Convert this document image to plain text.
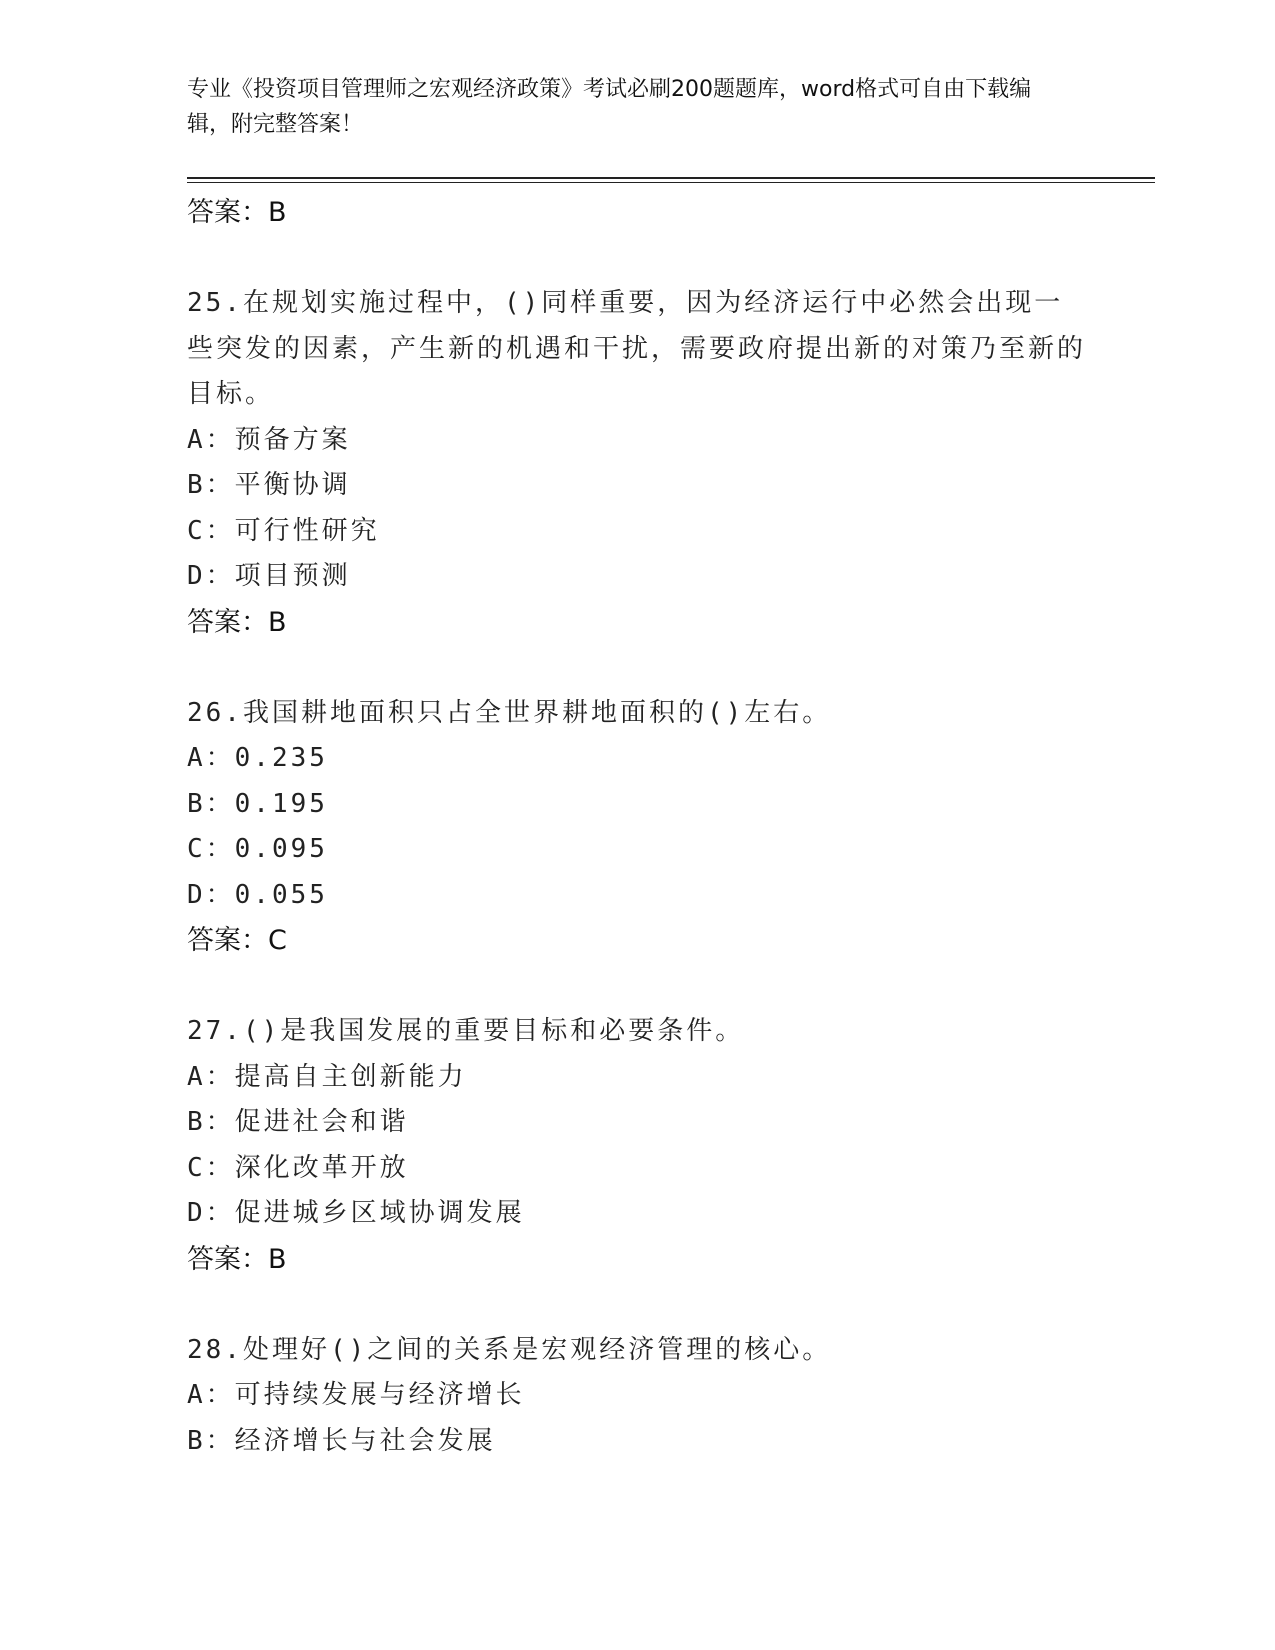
专业《投资项目管理师之宏观经济政策》考试必刷200题题库，word格式可自由下载编辑，附完整答案！
答案：B
25.在规划实施过程中，()同样重要，因为经济运行中必然会出现一些突发的因素，产生新的机遇和干扰，需要政府提出新的对策乃至新的目标。
A：预备方案
B：平衡协调
C：可行性研究
D：项目预测
答案：B
26.我国耕地面积只占全世界耕地面积的()左右。
A：0.235
B：0.195
C：0.095
D：0.055
答案：C
27.()是我国发展的重要目标和必要条件。
A：提高自主创新能力
B：促进社会和谐
C：深化改革开放
D：促进城乡区域协调发展
答案：B
28.处理好()之间的关系是宏观经济管理的核心。
A：可持续发展与经济增长
B：经济增长与社会发展
